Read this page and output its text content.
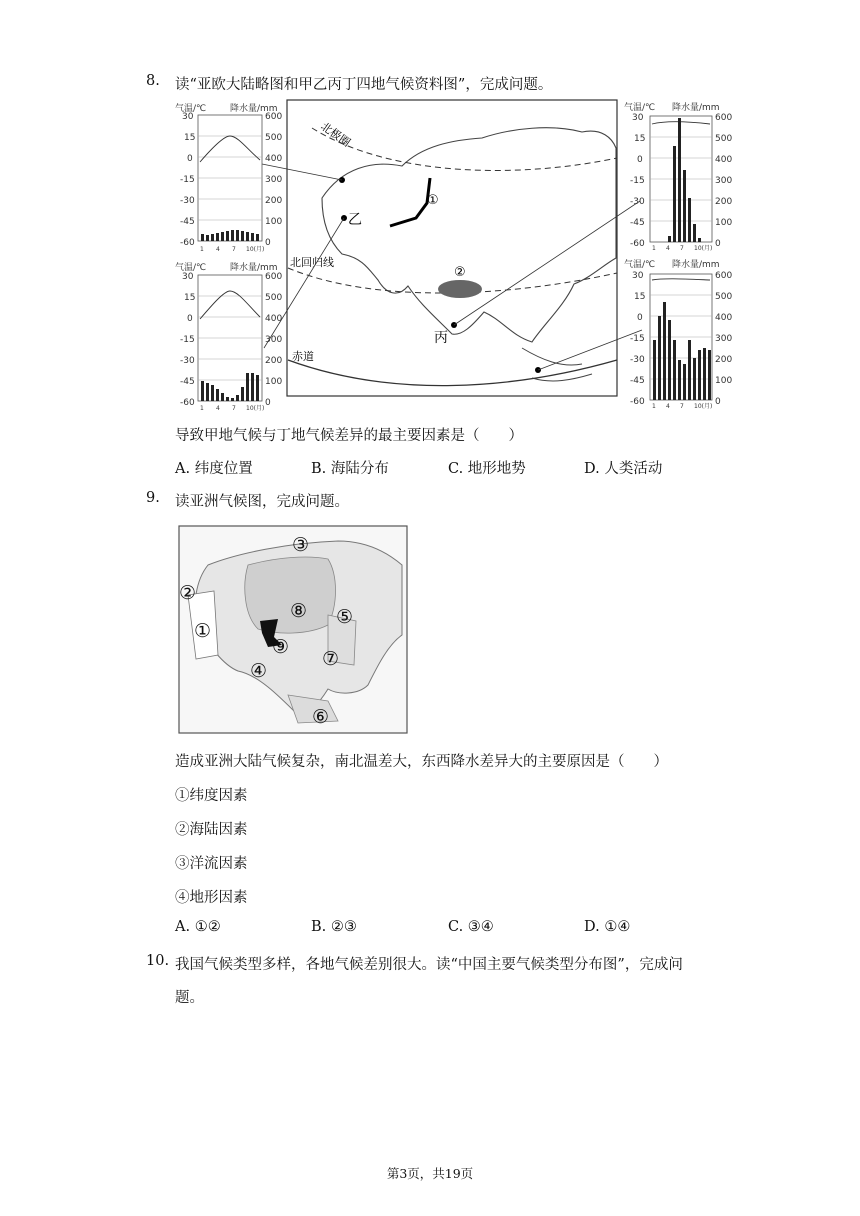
8. 读“亚欧大陆略图和甲乙丙丁四地气候资料图”，完成问题。
北极圈
北回归线
赤道
①
②
乙
丙
气温/℃	降水量/mm
30
15
0
-15
-30
-45
-60
600
500
400
300
200
100
0
1 4 7 10(月)
气温/℃	降水量/mm
30
15
0
-15
-30
-45
-60
600
500
400
300
200
100
0
1 4 7 10(月)
气温/℃ 降水量/mm
30
15
0
-15
-30
-45
-60
600
500
400
300
200
100
0
1 4 7 10(月)
气温/℃ 降水量/mm
30
15
0
-15
-30
-45
-60
600
500
400
300
200
100
0
1 4 7 10(月)
导致甲地气候与丁地气候差异的最主要因素是（　　）
A. 纬度位置	B. 海陆分布	C. 地形地势	D. 人类活动
9. 读亚洲气候图，完成问题。
①
②
③
④
⑤
⑥
⑦
⑧
⑨
造成亚洲大陆气候复杂，南北温差大，东西降水差异大的主要原因是（　　）
①纬度因素
②海陆因素
③洋流因素
④地形因素
A. ①②	B. ②③	C. ③④	D. ①④
10. 我国气候类型多样，各地气候差别很大。读“中国主要气候类型分布图”，完成问
题。
第3页，共19页
